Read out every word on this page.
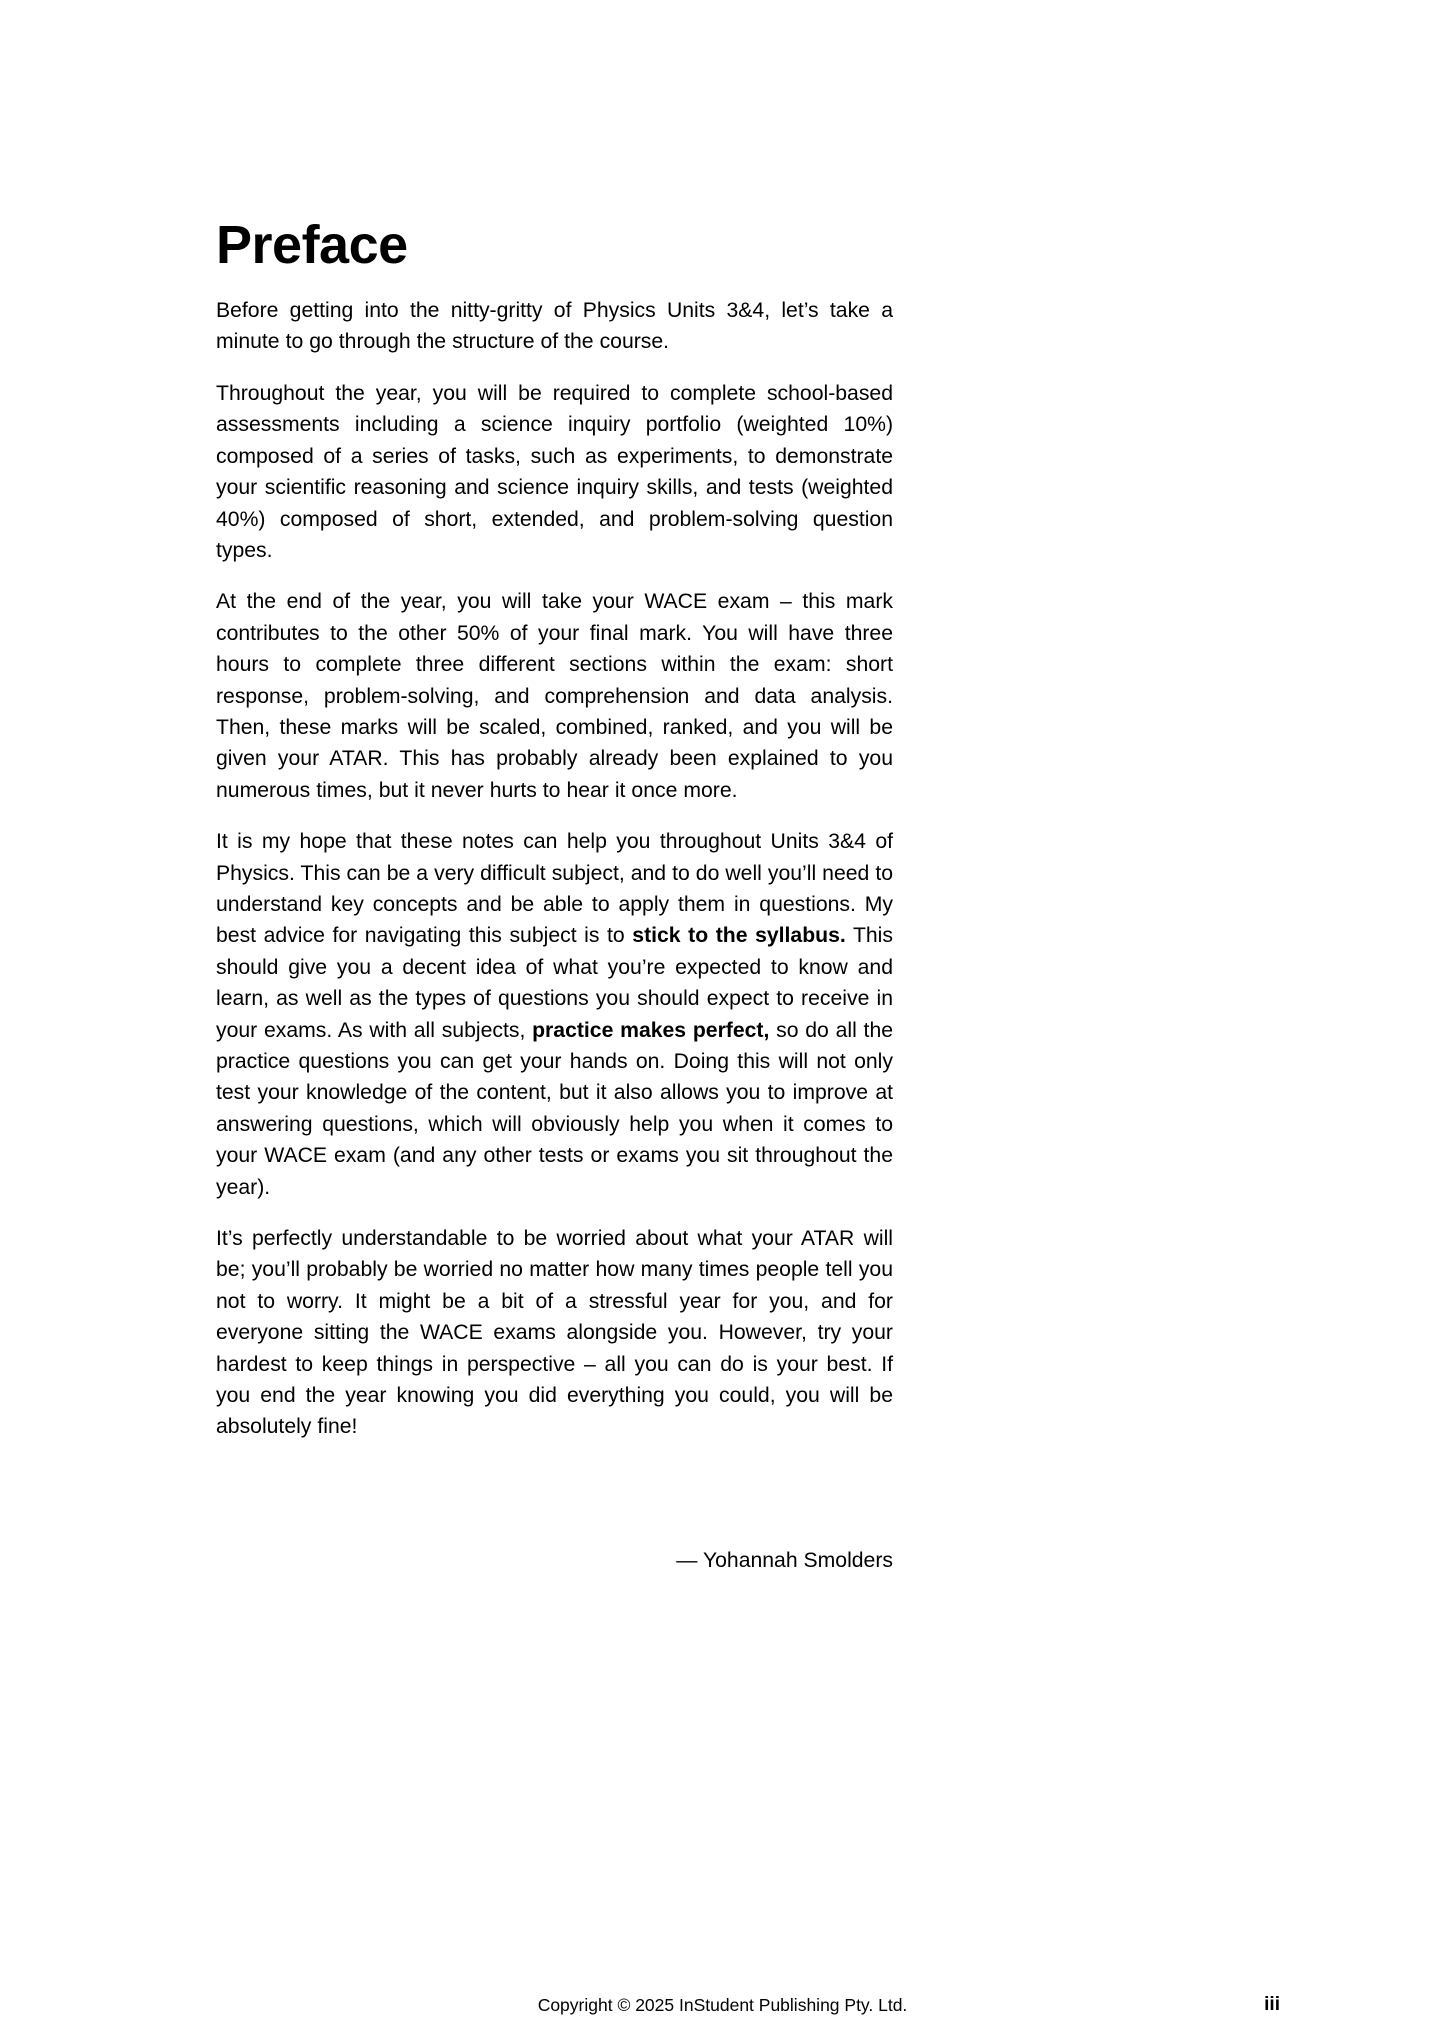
Preface

Before getting into the nitty-gritty of Physics Units 3&4, let’s take a minute to go through the structure of the course.

Throughout the year, you will be required to complete school-based assessments including a science inquiry portfolio (weighted 10%) composed of a series of tasks, such as experiments, to demonstrate your scientific reasoning and science inquiry skills, and tests (weighted 40%) composed of short, extended, and problem-solving question types.

At the end of the year, you will take your WACE exam – this mark contributes to the other 50% of your final mark. You will have three hours to complete three different sections within the exam: short response, problem-solving, and comprehension and data analysis. Then, these marks will be scaled, combined, ranked, and you will be given your ATAR. This has probably already been explained to you numerous times, but it never hurts to hear it once more.

It is my hope that these notes can help you throughout Units 3&4 of Physics. This can be a very difficult subject, and to do well you’ll need to understand key concepts and be able to apply them in questions. My best advice for navigating this subject is to stick to the syllabus. This should give you a decent idea of what you’re expected to know and learn, as well as the types of questions you should expect to receive in your exams. As with all subjects, practice makes perfect, so do all the practice questions you can get your hands on. Doing this will not only test your knowledge of the content, but it also allows you to improve at answering questions, which will obviously help you when it comes to your WACE exam (and any other tests or exams you sit throughout the year).

It’s perfectly understandable to be worried about what your ATAR will be; you’ll probably be worried no matter how many times people tell you not to worry. It might be a bit of a stressful year for you, and for everyone sitting the WACE exams alongside you. However, try your hardest to keep things in perspective – all you can do is your best. If you end the year knowing you did everything you could, you will be absolutely fine!

— Yohannah Smolders
Copyright © 2025 InStudent Publishing Pty. Ltd.	iii
